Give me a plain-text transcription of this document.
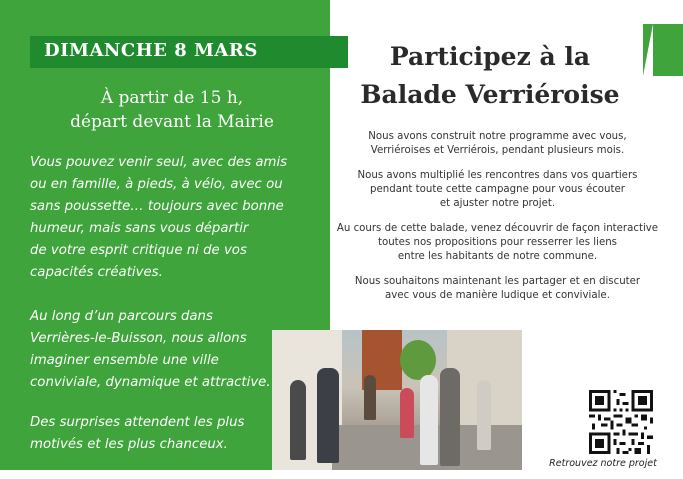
DIMANCHE 8 MARS
À partir de 15 h,
départ devant la Mairie
Vous pouvez venir seul, avec des amis
ou en famille, à pieds, à vélo, avec ou
sans poussette… toujours avec bonne
humeur, mais sans vous départir
de votre esprit critique ni de vos
capacités créatives.
Au long d’un parcours dans
Verrières-le-Buisson, nous allons
imaginer ensemble une ville
conviviale, dynamique et attractive.
Des surprises attendent les plus
motivés et les plus chanceux.
Participez à la
Balade Verriéroise
Nous avons construit notre programme avec vous,
Verriéroises et Verriérois, pendant plusieurs mois.
Nous avons multiplié les rencontres dans vos quartiers
pendant toute cette campagne pour vous écouter
et ajuster notre projet.
Au cours de cette balade, venez découvrir de façon interactive
toutes nos propositions pour resserrer les liens
entre les habitants de notre commune.
Nous souhaitons maintenant les partager et en discuter
avec vous de manière ludique et conviviale.
Retrouvez notre projet
